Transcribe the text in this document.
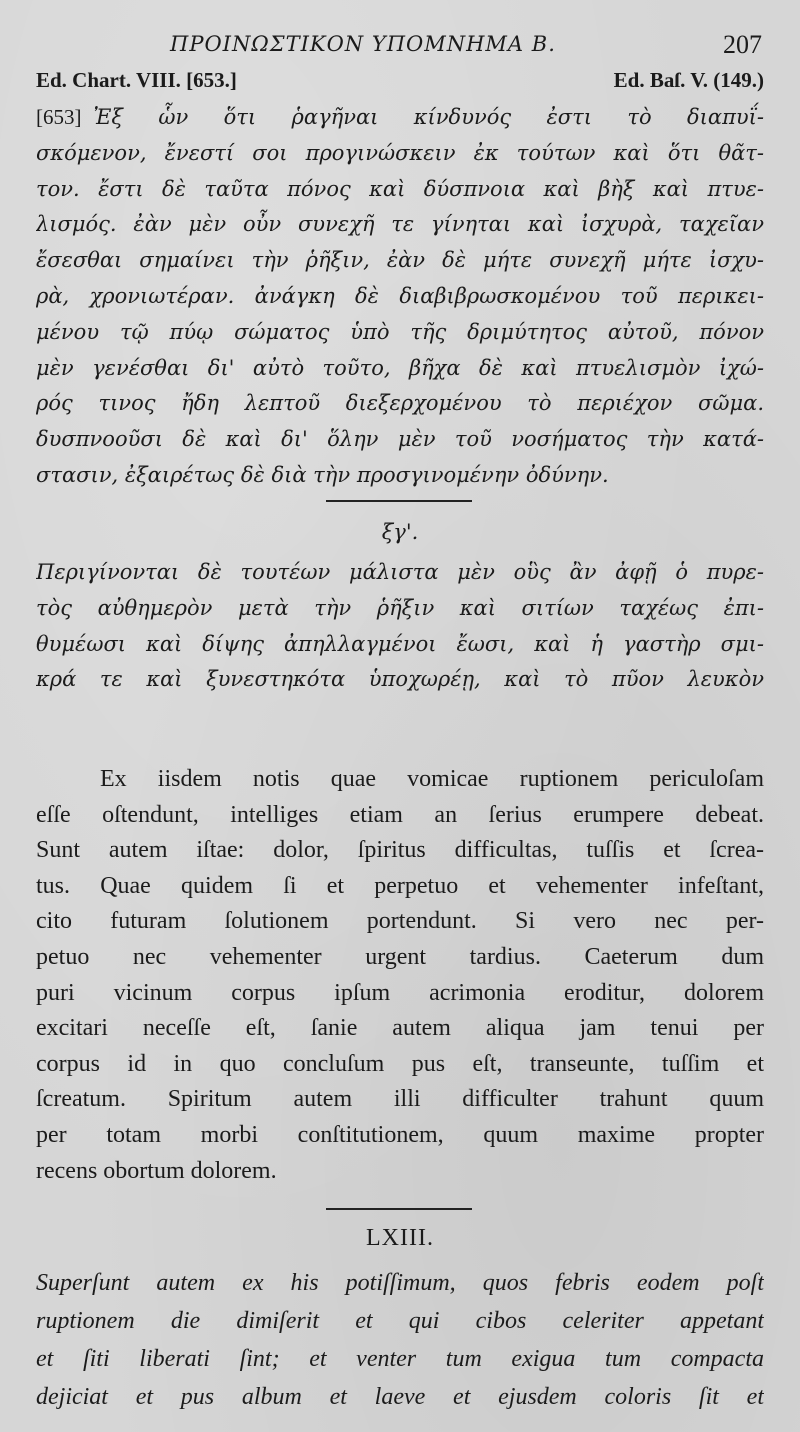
ΠΡΟΙΝΩΣΤΙΚΟΝ ΥΠΟΜΝΗΜΑ Β.	207
Ed. Chart. VIII. [653.]	Ed. Baſ. V. (149.)
[653] Ἐξ ὧν ὅτι ῥαγῆναι κίνδυνός ἐστι τὸ διαπυΐ-
σκόμενον, ἔνεστί σοι προγινώσκειν ἐκ τούτων καὶ ὅτι θᾶτ-
τον. ἔστι δὲ ταῦτα πόνος καὶ δύσπνοια καὶ βὴξ καὶ πτυε-
λισμός. ἐὰν μὲν οὖν συνεχῆ τε γίνηται καὶ ἰσχυρὰ, ταχεῖαν
ἔσεσθαι σημαίνει τὴν ῥῆξιν, ἐὰν δὲ μήτε συνεχῆ μήτε ἰσχυ-
ρὰ, χρονιωτέραν. ἀνάγκη δὲ διαβιβρωσκομένου τοῦ περικει-
μένου τῷ πύῳ σώματος ὑπὸ τῆς δριμύτητος αὐτοῦ, πόνον
μὲν γενέσθαι δι' αὐτὸ τοῦτο, βῆχα δὲ καὶ πτυελισμὸν ἰχώ-
ρός τινος ἤδη λεπτοῦ διεξερχομένου τὸ περιέχον σῶμα.
δυσπνοοῦσι δὲ καὶ δι' ὅλην μὲν τοῦ νοσήματος τὴν κατά-
στασιν, ἐξαιρέτως δὲ διὰ τὴν προσγινομένην ὀδύνην.
ξγ'.
Περιγίνονται δὲ τουτέων μάλιστα μὲν οὓς ἂν ἀφῇ ὁ πυρε-
τὸς αὐθημερὸν μετὰ τὴν ῥῆξιν καὶ σιτίων ταχέως ἐπι-
θυμέωσι καὶ δίψης ἀπηλλαγμένοι ἔωσι, καὶ ἡ γαστὴρ σμι-
κρά τε καὶ ξυνεστηκότα ὑποχωρέῃ, καὶ τὸ πῦον λευκὸν
Ex iisdem notis quae vomicae ruptionem periculoſam
eſſe oſtendunt, intelliges etiam an ſerius erumpere debeat.
Sunt autem iſtae: dolor, ſpiritus difficultas, tuſſis et ſcrea-
tus. Quae quidem ſi et perpetuo et vehementer infeſtant,
cito futuram ſolutionem portendunt. Si vero nec per-
petuo nec vehementer urgent tardius. Caeterum dum
puri vicinum corpus ipſum acrimonia eroditur, dolorem
excitari neceſſe eſt, ſanie autem aliqua jam tenui per
corpus id in quo concluſum pus eſt, transeunte, tuſſim et
ſcreatum. Spiritum autem illi difficulter trahunt quum
per totam morbi conſtitutionem, quum maxime propter
recens obortum dolorem.
LXIII.
Superſunt autem ex his potiſſimum, quos febris eodem poſt
ruptionem die dimiſerit et qui cibos celeriter appetant
et ſiti liberati ſint; et venter tum exigua tum compacta
dejiciat et pus album et laeve et ejusdem coloris ſit et
